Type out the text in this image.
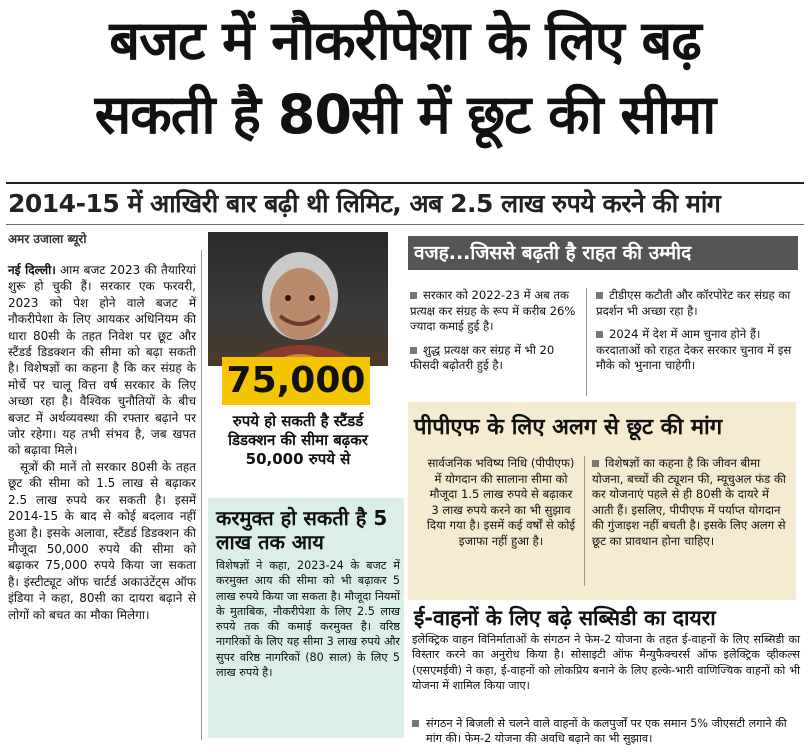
बजट में नौकरीपेशा के लिए बढ़
सकती है 80सी में छूट की सीमा
2014-15 में आखिरी बार बढ़ी थी लिमिट, अब 2.5 लाख रुपये करने की मांग
अमर उजाला ब्यूरो

नई दिल्ली। आम बजट 2023 की तैयारियां शुरू हो चुकी हैं। सरकार एक फरवरी, 2023 को पेश होने वाले बजट में नौकरीपेशा के लिए आयकर अधिनियम की धारा 80सी के तहत निवेश पर छूट और स्टैंडर्ड डिडक्शन की सीमा को बढ़ा सकती है। विशेषज्ञों का कहना है कि कर संग्रह के मोर्चे पर चालू वित्त वर्ष सरकार के लिए अच्छा रहा है। वैश्विक चुनौतियों के बीच बजट में अर्थव्यवस्था की रफ्तार बढ़ाने पर जोर रहेगा। यह तभी संभव है, जब खपत को बढ़ावा मिले।

सूत्रों की मानें तो सरकार 80सी के तहत छूट की सीमा को 1.5 लाख से बढ़ाकर 2.5 लाख रुपये कर सकती है। इसमें 2014-15 के बाद से कोई बदलाव नहीं हुआ है। इसके अलावा, स्टैंडर्ड डिडक्शन की मौजूदा 50,000 रुपये की सीमा को बढ़ाकर 75,000 रुपये किया जा सकता है। इंस्टीट्यूट ऑफ चार्टर्ड अकाउंटेंट्स ऑफ इंडिया ने कहा, 80सी का दायरा बढ़ाने से लोगों को बचत का मौका मिलेगा।

75,000
रुपये हो सकती है स्टैंडर्ड डिडक्शन की सीमा बढ़कर 50,000 रुपये से
करमुक्त हो सकती है 5 लाख तक आय
विशेषज्ञों ने कहा, 2023-24 के बजट में करमुक्त आय की सीमा को भी बढ़ाकर 5 लाख रुपये किया जा सकता है। मौजूदा नियमों के मुताबिक, नौकरीपेशा के लिए 2.5 लाख रुपये तक की कमाई करमुक्त है। वरिष्ठ नागरिकों के लिए यह सीमा 3 लाख रुपये और सुपर वरिष्ठ नागरिकों (80 साल) के लिए 5 लाख रुपये है।
वजह...जिससे बढ़ती है राहत की उम्मीद
सरकार को 2022-23 में अब तक प्रत्यक्ष कर संग्रह के रूप में करीब 26% ज्यादा कमाई हुई है।
शुद्ध प्रत्यक्ष कर संग्रह में भी 20 फीसदी बढ़ोतरी हुई है।
टीडीएस कटौती और कॉरपोरेट कर संग्रह का प्रदर्शन भी अच्छा रहा है।
2024 में देश में आम चुनाव होने हैं। करदाताओं को राहत देकर सरकार चुनाव में इस मौके को भुनाना चाहेगी।
पीपीएफ के लिए अलग से छूट की मांग
सार्वजनिक भविष्य निधि (पीपीएफ) में योगदान की सालाना सीमा को मौजूदा 1.5 लाख रुपये से बढ़ाकर 3 लाख रुपये करने का भी सुझाव दिया गया है। इसमें कई वर्षों से कोई इजाफा नहीं हुआ है।
विशेषज्ञों का कहना है कि जीवन बीमा योजना, बच्चों की ट्यूशन फी, म्यूचुअल फंड की कर योजनाएं पहले से ही 80सी के दायरे में आती हैं। इसलिए, पीपीएफ में पर्याप्त योगदान की गुंजाइश नहीं बचती है। इसके लिए अलग से छूट का प्रावधान होना चाहिए।
ई-वाहनों के लिए बढ़े सब्सिडी का दायरा
इलेक्ट्रिक वाहन विनिर्माताओं के संगठन ने फेम-2 योजना के तहत ई-वाहनों के लिए सब्सिडी का विस्तार करने का अनुरोध किया है। सोसाइटी ऑफ मैन्युफैक्चरर्स ऑफ इलेक्ट्रिक व्हीकल्स (एसएमईवी) ने कहा, ई-वाहनों को लोकप्रिय बनाने के लिए हल्के-भारी वाणिज्यिक वाहनों को भी योजना में शामिल किया जाए।
संगठन ने बिजली से चलने वाले वाहनों के कलपुर्जों पर एक समान 5% जीएसटी लगाने की मांग की। फेम-2 योजना की अवधि बढ़ाने का भी सुझाव।
